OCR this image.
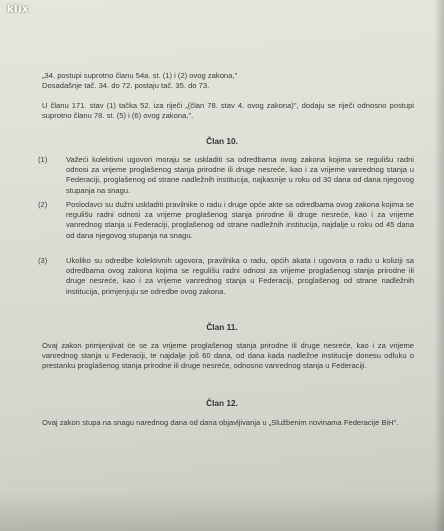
klix

„34. postupi suprotno članu 54a. st. (1) i (2) ovog zakona,"

Dosadašnje tač. 34. do 72. postaju tač. 35. do 73.

U članu 171. stav (1) tačka 52. iza riječi „(član 78. stav 4. ovog zakona)", dodaju se riječi odnosno postupi suprotno članu 78. st. (5) i (6) ovog zakona,".

Član 10.
(1) Važeći kolektivni ugovori moraju se uskladiti sa odredbama ovog zakona kojima se regulišu radni odnosi za vrijeme proglašenog stanja prirodne ili druge nesreće, kao i za vrijeme vanrednog stanja u Federaciji, proglašenog od strane nadležnih institucija, najkasnije u roku od 30 dana od dana njegovog stupanja na snagu.
(2) Poslodavci su dužni uskladiti pravilnike o radu i druge opće akte sa odredbama ovog zakona kojima se regulišu radni odnosi za vrijeme proglašenog stanja prirodne ili druge nesreće, kao i za vrijeme vanrednog stanja u Federaciji, proglašenog od strane nadležnih institucija, najdalje u roku od 45 dana od dana njegovog stupanja na snagu.
(3) Ukoliko su odredbe kolektivnih ugovora, pravilnika o radu, općih akata i ugovora o radu u koliziji sa odredbama ovog zakona kojima se regulišu radni odnosi za vrijeme proglašenog stanja prirodne ili druge nesreće, kao i za vrijeme vanrednog stanja u Federaciji, proglašenog od strane nadležnih institucija, primjenjuju se odredbe ovog zakona.
Član 11.

Ovaj zakon primjenjivat će se za vrijeme proglašenog stanja prirodne ili druge nesreće, kao i za vrijeme vanrednog stanja u Federaciji, te najdalje još 60 dana, od dana kada nadležne institucije donesu odluku o prestanku proglašenog stanja prirodne ili druge nesreće, odnosno vanrednog stanja u Federaciji.

Član 12.

Ovaj zakon stupa na snagu narednog dana od dana objavljivanja u „Službenim novinama Federacije BiH".
